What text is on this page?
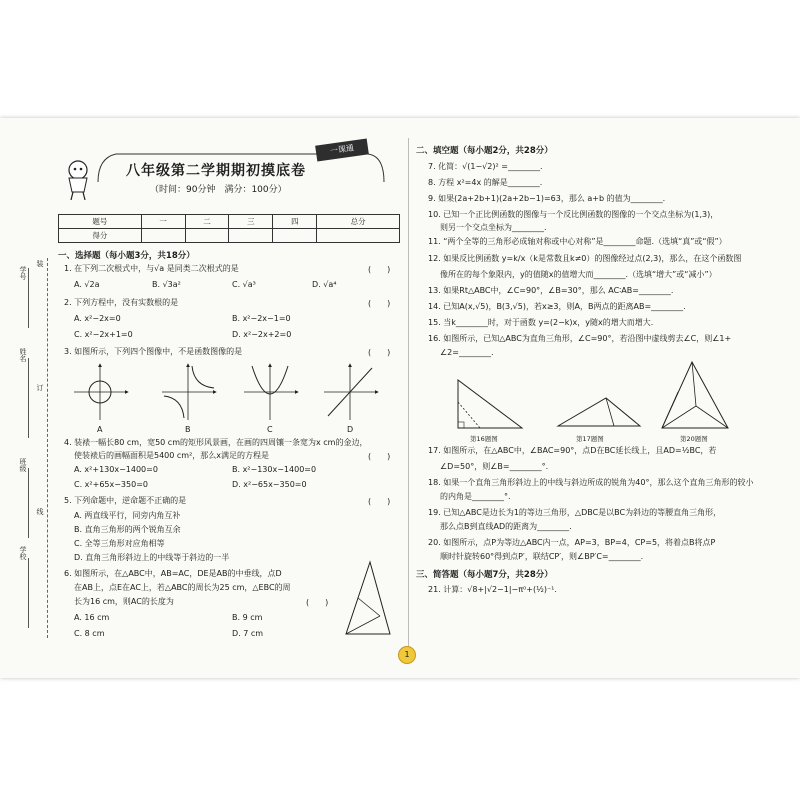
一课通
八年级第二学期期初摸底卷
（时间：90分钟　满分：100分）
题号	一	二	三	四	总分
得分					
学号
姓名
班级
学校
装
订
线
一、选择题（每小题3分，共18分）
1. 在下列二次根式中，与√a 是同类二次根式的是	(　　)
A. √2a	B. √3a²	C. √a³	D. √a⁴
2. 下列方程中，没有实数根的是	(　　)
A. x²−2x=0	B. x²−2x−1=0
C. x²−2x+1=0	D. x²−2x+2=0
3. 如图所示，下列四个图像中，不是函数图像的是	(　　)
A	B	C	D
4. 装裱一幅长80 cm，宽50 cm的矩形风景画，在画的四周镶一条宽为x cm的金边，
使装裱后的画幅面积是5400 cm²，那么x满足的方程是	(　　)
A. x²+130x−1400=0	B. x²−130x−1400=0
C. x²+65x−350=0	D. x²−65x−350=0
5. 下列命题中，逆命题不正确的是	(　　)
A. 两直线平行，同旁内角互补
B. 直角三角形的两个锐角互余
C. 全等三角形对应角相等
D. 直角三角形斜边上的中线等于斜边的一半
6. 如图所示，在△ABC中，AB=AC，DE是AB的中垂线，点D
在AB上，点E在AC上，若△ABC的周长为25 cm，△EBC的周
长为16 cm，则AC的长度为	(　　)
A. 16 cm	B. 9 cm
C. 8 cm	D. 7 cm
二、填空题（每小题2分，共28分）
7. 化简：√(1−√2)² =________.
8. 方程 x²=4x 的解是________.
9. 如果(2a+2b+1)(2a+2b−1)=63，那么 a+b 的值为________.
10. 已知一个正比例函数的图像与一个反比例函数的图像的一个交点坐标为(1,3)，
则另一个交点坐标为________.
11. “两个全等的三角形必成轴对称或中心对称”是________命题.（选填“真”或“假”）
12. 如果反比例函数 y=k/x（k是常数且k≠0）的图像经过点(2,3)，那么，在这个函数图
像所在的每个象限内，y的值随x的值增大而________.（选填“增大”或“减小”）
13. 如果Rt△ABC中，∠C=90°，∠B=30°，那么 AC∶AB=________.
14. 已知A(x,√5)，B(3,√5)，若x≥3，则A，B两点的距离AB=________.
15. 当k________时，对于函数 y=(2−k)x，y随x的增大而增大.
16. 如图所示，已知△ABC为直角三角形，∠C=90°，若沿图中虚线剪去∠C，则∠1+
∠2=________.
第16题图	第17题图	第20题图
17. 如图所示，在△ABC中，∠BAC=90°，点D在BC延长线上，且AD=½BC，若
∠D=50°，则∠B=________°.
18. 如果一个直角三角形斜边上的中线与斜边所成的锐角为40°，那么这个直角三角形的较小
的内角是________°.
19. 已知△ABC是边长为1的等边三角形，△DBC是以BC为斜边的等腰直角三角形，
那么点B到直线AD的距离为________.
20. 如图所示，点P为等边△ABC内一点，AP=3，BP=4，CP=5，将着点B将点P
顺时针旋转60°得到点P′，联结CP′，则∠BP′C=________.
三、简答题（每小题7分，共28分）
21. 计算：√8+|√2−1|−π⁰+(½)⁻¹.
1
